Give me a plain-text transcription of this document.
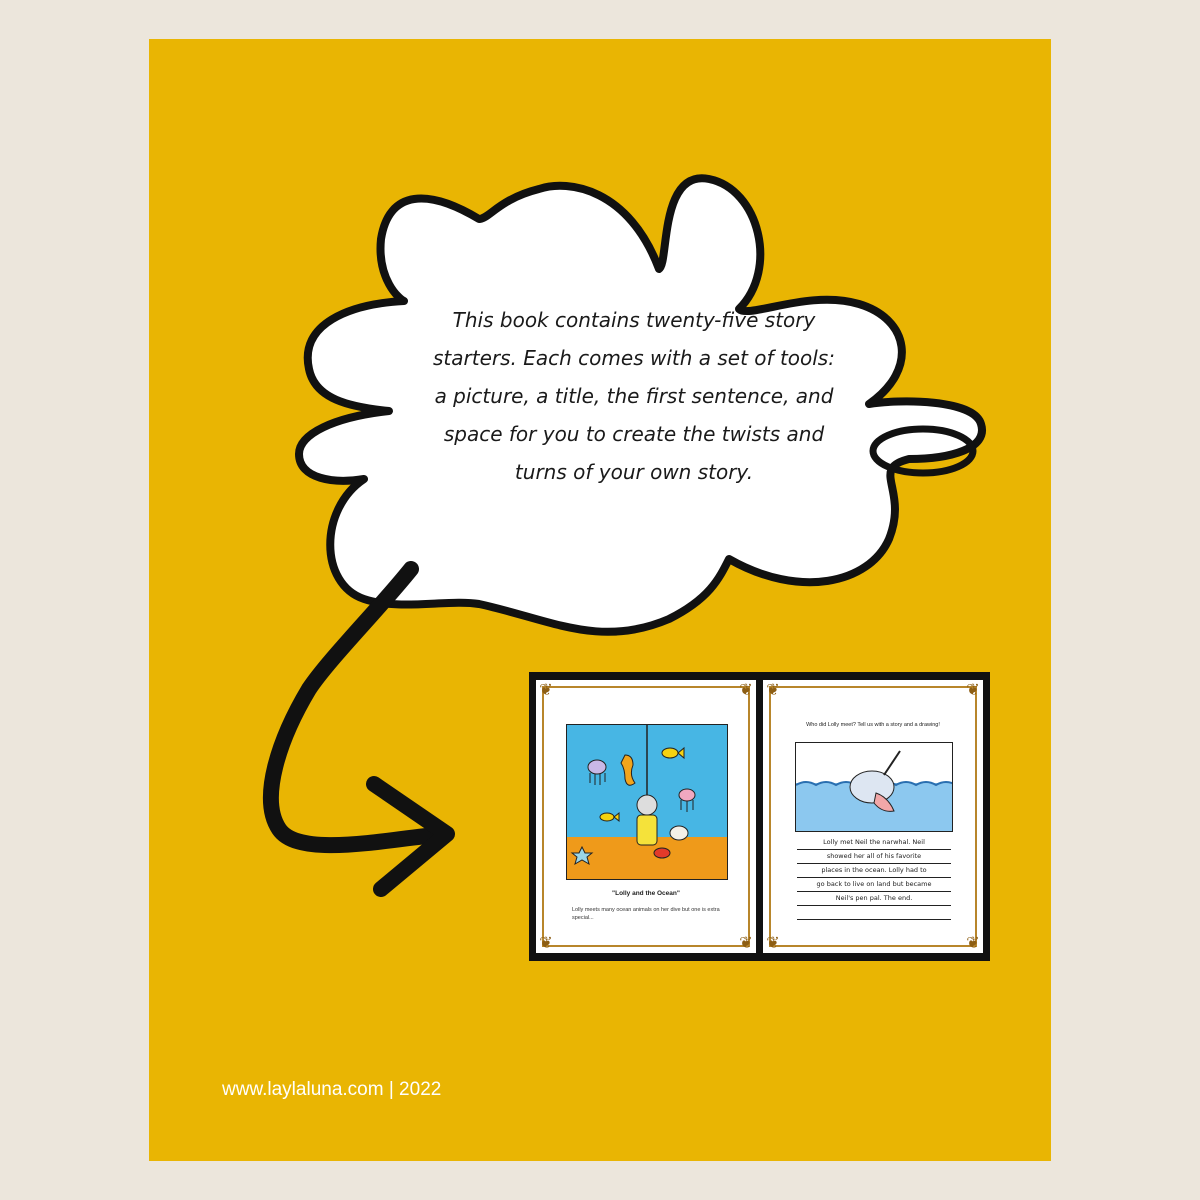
This book contains twenty-five story starters. Each comes with a set of tools: a picture, a title, the first sentence, and space for you to create the twists and turns of your own story.

❦	❦
❦	❦
"Lolly and the Ocean"
Lolly meets many ocean animals on her dive but one is extra special...
❦	❦
❦	❦
Who did Lolly meet? Tell us with a story and a drawing!
Lolly met Neil the narwhal. Neil
showed her all of his favorite
places in the ocean. Lolly had to
go back to live on land but became
Neil's pen pal. The end.
www.laylaluna.com | 2022
